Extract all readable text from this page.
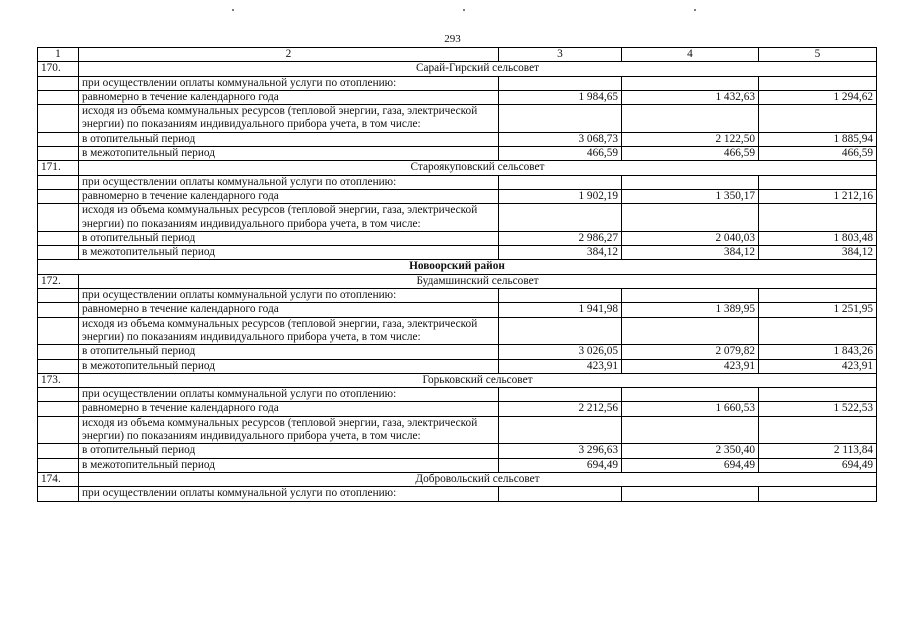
293
1	2	3	4	5
170.	Сарай-Гирский сельсовет			
	при осуществлении оплаты коммунальной услуги по отоплению:			
	равномерно в течение календарного года	1 984,65	1 432,63	1 294,62
	исходя из объема коммунальных ресурсов (тепловой энергии, газа, электрической энергии) по показаниям индивидуального прибора учета, в том числе:			
	в отопительный период	3 068,73	2 122,50	1 885,94
	в межотопительный период	466,59	466,59	466,59
171.	Староякуповский сельсовет			
	при осуществлении оплаты коммунальной услуги по отоплению:			
	равномерно в течение календарного года	1 902,19	1 350,17	1 212,16
	исходя из объема коммунальных ресурсов (тепловой энергии, газа, электрической энергии) по показаниям индивидуального прибора учета, в том числе:			
	в отопительный период	2 986,27	2 040,03	1 803,48
	в межотопительный период	384,12	384,12	384,12
Новоорский район				
172.	Будамшинский сельсовет			
	при осуществлении оплаты коммунальной услуги по отоплению:			
	равномерно в течение календарного года	1 941,98	1 389,95	1 251,95
	исходя из объема коммунальных ресурсов (тепловой энергии, газа, электрической энергии) по показаниям индивидуального прибора учета, в том числе:			
	в отопительный период	3 026,05	2 079,82	1 843,26
	в межотопительный период	423,91	423,91	423,91
173.	Горьковский сельсовет			
	при осуществлении оплаты коммунальной услуги по отоплению:			
	равномерно в течение календарного года	2 212,56	1 660,53	1 522,53
	исходя из объема коммунальных ресурсов (тепловой энергии, газа, электрической энергии) по показаниям индивидуального прибора учета, в том числе:			
	в отопительный период	3 296,63	2 350,40	2 113,84
	в межотопительный период	694,49	694,49	694,49
174.	Добровольский сельсовет			
	при осуществлении оплаты коммунальной услуги по отоплению:			
